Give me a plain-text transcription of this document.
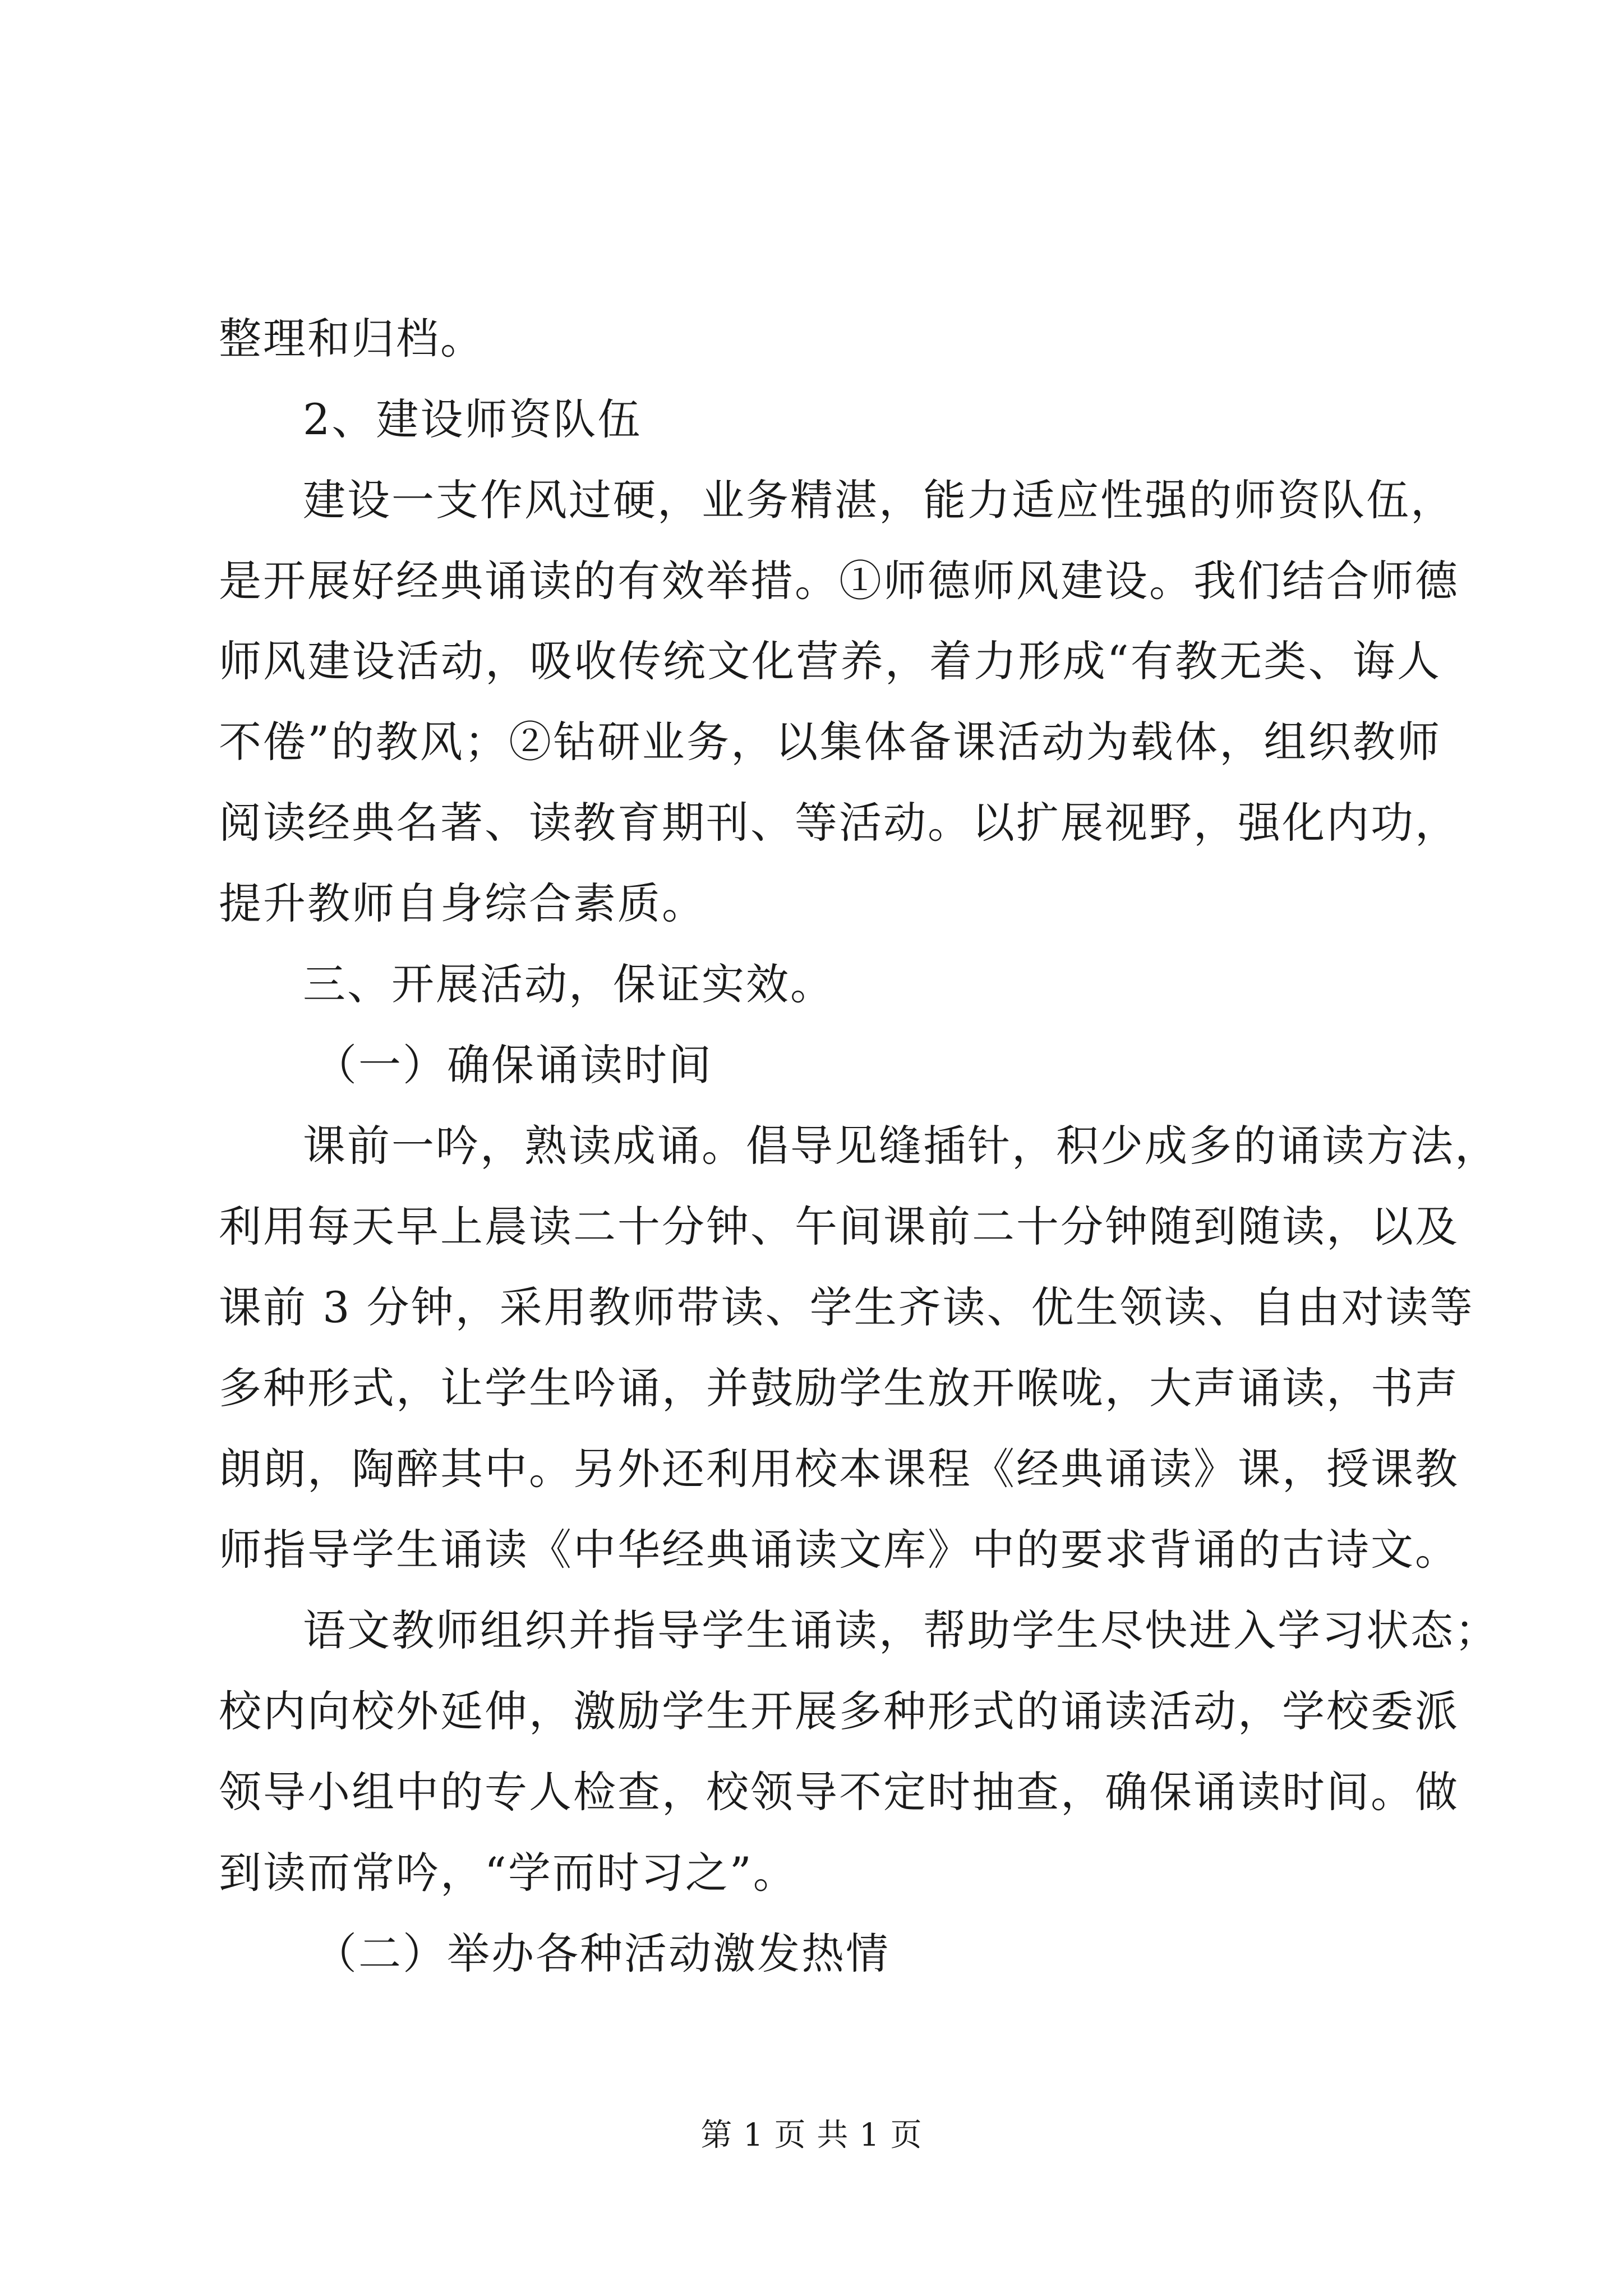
整理和归档。
2、建设师资队伍
建设一支作风过硬，业务精湛，能力适应性强的师资队伍，
是开展好经典诵读的有效举措。①师德师风建设。我们结合师德
师风建设活动，吸收传统文化营养，着力形成“有教无类、诲人
不倦”的教风；②钻研业务，以集体备课活动为载体，组织教师
阅读经典名著、读教育期刊、等活动。以扩展视野，强化内功，
提升教师自身综合素质。
三、开展活动，保证实效。
（一）确保诵读时间
课前一吟，熟读成诵。倡导见缝插针，积少成多的诵读方法，
利用每天早上晨读二十分钟、午间课前二十分钟随到随读，以及
课前 3 分钟，采用教师带读、学生齐读、优生领读、自由对读等
多种形式，让学生吟诵，并鼓励学生放开喉咙，大声诵读，书声
朗朗，陶醉其中。另外还利用校本课程《经典诵读》课，授课教
师指导学生诵读《中华经典诵读文库》中的要求背诵的古诗文。
语文教师组织并指导学生诵读，帮助学生尽快进入学习状态；
校内向校外延伸，激励学生开展多种形式的诵读活动，学校委派
领导小组中的专人检查，校领导不定时抽查，确保诵读时间。做
到读而常吟，“学而时习之”。
（二）举办各种活动激发热情
第 1 页 共 1 页
